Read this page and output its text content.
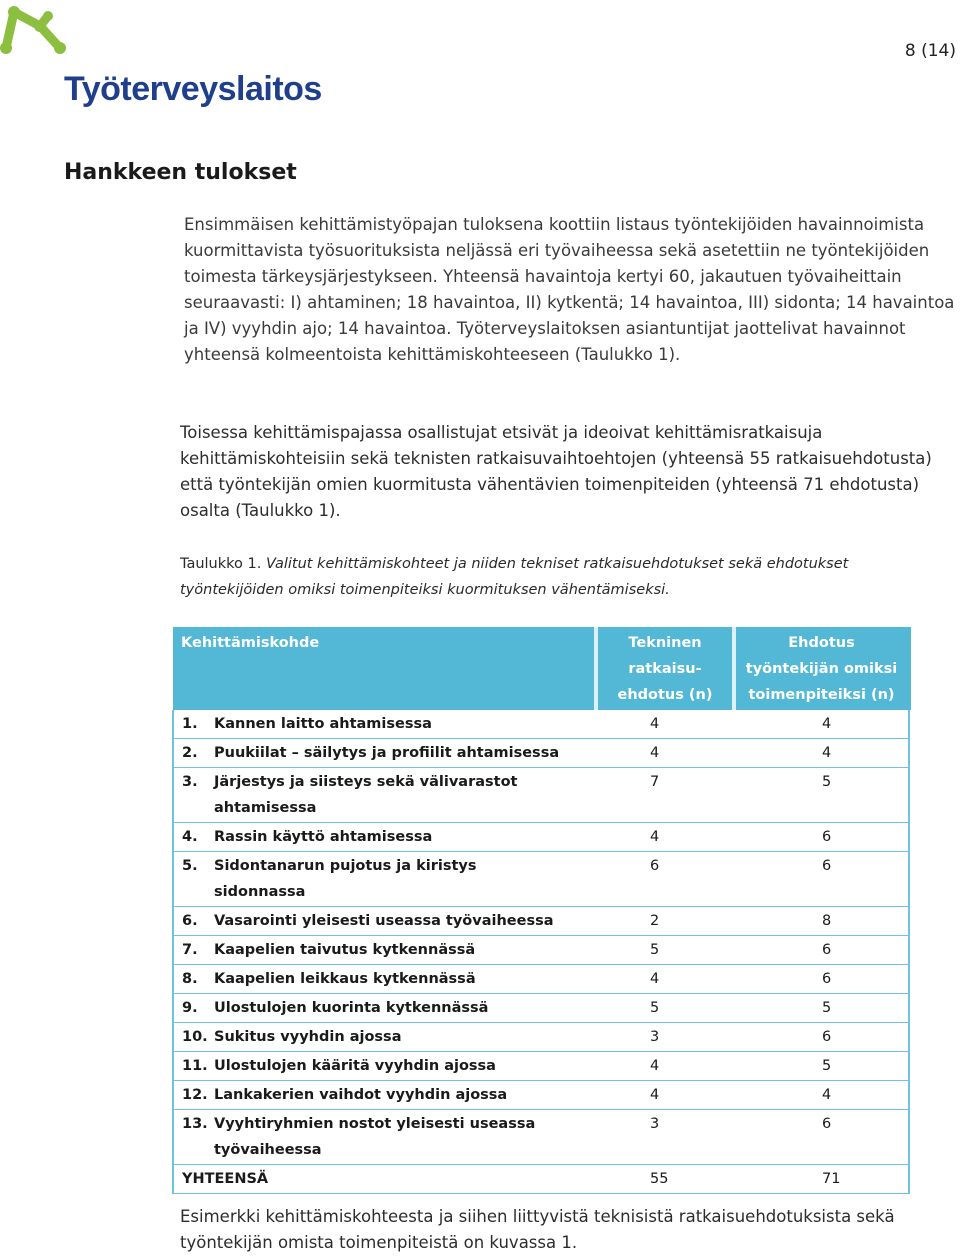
Työterveyslaitos
8 (14)
Hankkeen tulokset

Ensimmäisen kehittämistyöpajan tuloksena koottiin listaus työntekijöiden havainnoimista kuormittavista työsuorituksista neljässä eri työvaiheessa sekä asetettiin ne työntekijöiden toimesta tärkeysjärjestykseen. Yhteensä havaintoja kertyi 60, jakautuen työvaiheittain seuraavasti: I) ahtaminen; 18 havaintoa, II) kytkentä; 14 havaintoa, III) sidonta; 14 havaintoa ja IV) vyyhdin ajo; 14 havaintoa. Työterveyslaitoksen asiantuntijat jaottelivat havainnot yhteensä kolmeentoista kehittämiskohteeseen (Taulukko 1).

Toisessa kehittämispajassa osallistujat etsivät ja ideoivat kehittämisratkaisuja kehittämiskohteisiin sekä teknisten ratkaisuvaihtoehtojen (yhteensä 55 ratkaisuehdotusta) että työntekijän omien kuormitusta vähentävien toimenpiteiden (yhteensä 71 ehdotusta) osalta (Taulukko 1).

Taulukko 1. Valitut kehittämiskohteet ja niiden tekniset ratkaisuehdotukset sekä ehdotukset työntekijöiden omiksi toimenpiteiksi kuormituksen vähentämiseksi.

Kehittämiskohde	Tekninen ratkaisu-ehdotus (n)	Ehdotus työntekijän omiksi toimenpiteiksi (n)
1. Kannen laitto ahtamisessa	4	4
2. Puukiilat – säilytys ja profiilit ahtamisessa	4	4
3. Järjestys ja siisteys sekä välivarastot ahtamisessa	7	5
4. Rassin käyttö ahtamisessa	4	6
5. Sidontanarun pujotus ja kiristys sidonnassa	6	6
6. Vasarointi yleisesti useassa työvaiheessa	2	8
7. Kaapelien taivutus kytkennässä	5	6
8. Kaapelien leikkaus kytkennässä	4	6
9. Ulostulojen kuorinta kytkennässä	5	5
10. Sukitus vyyhdin ajossa	3	6
11. Ulostulojen kääritä vyyhdin ajossa	4	5
12. Lankakerien vaihdot vyyhdin ajossa	4	4
13. Vyyhtiryhmien nostot yleisesti useassa työvaiheessa	3	6
YHTEENSÄ	55	71

Esimerkki kehittämiskohteesta ja siihen liittyvistä teknisistä ratkaisuehdotuksista sekä työntekijän omista toimenpiteistä on kuvassa 1.
